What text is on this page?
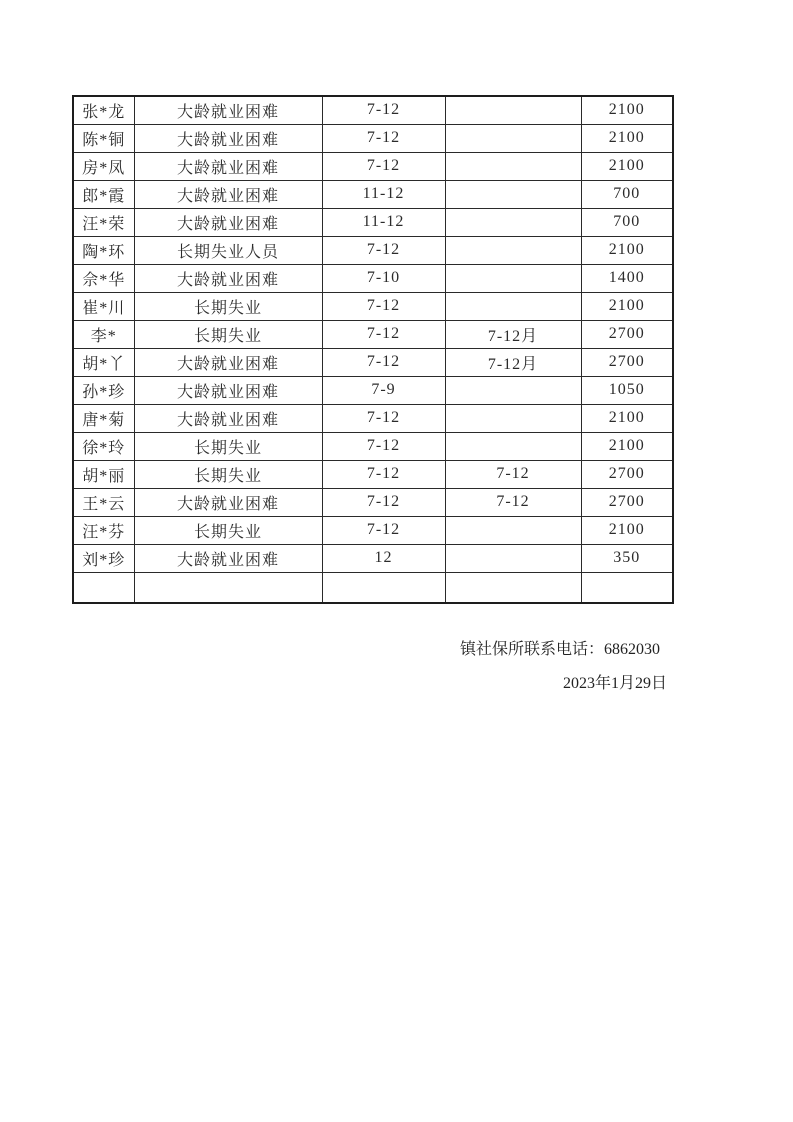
张*龙	大龄就业困难	7-12		2100
陈*铜	大龄就业困难	7-12		2100
房*凤	大龄就业困难	7-12		2100
郎*霞	大龄就业困难	11-12		700
汪*荣	大龄就业困难	11-12		700
陶*环	长期失业人员	7-12		2100
佘*华	大龄就业困难	7-10		1400
崔*川	长期失业	7-12		2100
李*	长期失业	7-12	7-12月	2700
胡*丫	大龄就业困难	7-12	7-12月	2700
孙*珍	大龄就业困难	7-9		1050
唐*菊	大龄就业困难	7-12		2100
徐*玲	长期失业	7-12		2100
胡*丽	长期失业	7-12	7-12	2700
王*云	大龄就业困难	7-12	7-12	2700
汪*芬	长期失业	7-12		2100
刘*珍	大龄就业困难	12		350

镇社保所联系电话：6862030
2023年1月29日
